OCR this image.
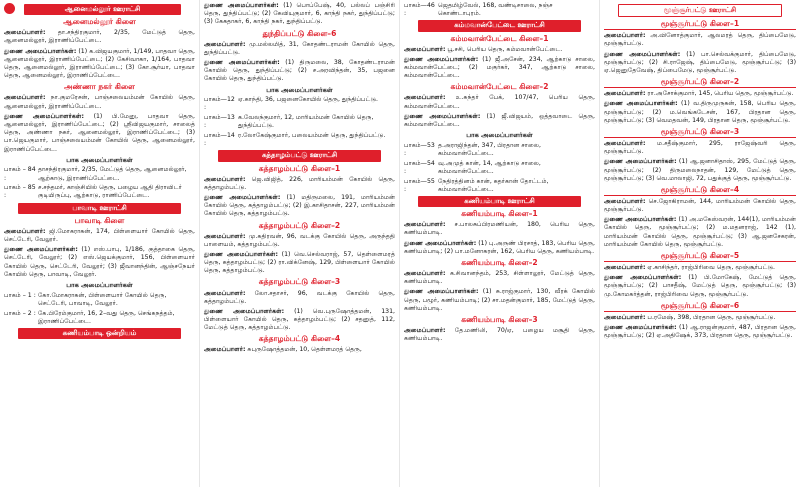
ஆனைமல்லூர் ஊராட்சி
ஆனைமல்லூர் கிளை
அமைப்பாளர்: தா.சந்திரகுமார், 2/35, மேட்டுத் தெரு, ஆனைமல்லூர், இராணிப்பேட்டை.
துணை அமைப்பாளர்கள்: (1) க.விஜயகுமார், 1/149, பாதவா தெரு, ஆனைமல்லூர், இராணிப்பேட்டை; (2) கேசிவாகா, 1/164, பாதவா தெரு, ஆனைமல்லூர், இராணிப்பேட்டை; (3) கோ.சூர்யா, பாதவா தெரு, ஆனைமல்லூர், இராணிப்பேட்டை.
அண்ணா நகர் கிளை
அமைப்பாளர்: நா.குமரேசன், பாஞ்சலையம்மன் கோயில் தெரு, ஆனைமல்லூர், இராணிப்பேட்டை.
துணை அமைப்பாளர்கள்: (1) பி.மேனு, பாதவா தெரு, ஆனைமல்லூர், இராணிப்பேட்டை; (2) ஸ்ரீவிஜயகுமார், சாலைத் தெரு, அண்ணா நகர், ஆனைமல்லூர், இராணிப்பேட்டை; (3) பா.ஜெயகுமார், பாஞ்சலையம்மன் கோயில் தெரு, ஆனைமல்லூர், இராணிப்பேட்டை.
பாக அமைப்பாளர்கள்
பாகம் – 84 :
தாசந்திரகுமார், 2/35, மேட்டுத் தெரு, ஆனைமல்லூர், ஆற்காடு, இராணிப்பேட்டை.
பாகம் – 85 :
ச.சந்தமர், காஞ்சியில் தெரு, பழைய ஆதி திராவிடர் குடியிருப்பு, ஆற்காடு, ராணிப்பேட்டை.
பாவாடி ஊராட்சி
பாவாடி கிளை
அமைப்பாளர்: ஜி.மோகராகன், 174, பிள்ளையார் கோயில் தெரு, செட்டேரி, வேலூர்.
துணை அமைப்பாளர்கள்: (1) எஸ்.பாபு, 1/186, குத்தாகை தெரு, செட்டேரி, வேலூர்; (2) எஸ்.ஜெயக்குமார், 156, பிள்ளையார் கோயில் தெரு, செட்டேரி, வேலூர்; (3) ஜீவானந்தின், ஆஞ்சநேயர் கோயில் தெரு, பாவாடி, வேலூர்.
பாக அமைப்பாளர்கள்
பாகம் – 1 : கோ.மோகராகன், பிள்ளையார் கோயில் தெரு, செட்டேரி, பாவாடி, வேலூர்.
பாகம் – 2 : கே.பிரேம்குமார், 16, 2–வது தெரு, செங்கநத்தம், இராணிப்பேட்டை.
கணியம்பாடி ஒன்றியம்
துணை அமைப்பாளர்கள்: (1) பொப்பேஷ், 40, பல்லப் பஞ்சிரி தெரு, துந்திப்பட்டு; (2) கேவியுகுமார், 6, காந்தி நகர், துந்திப்பட்டு; (3) கேகதாகர், 6, காந்தி நகர், துந்திப்பட்டு.
துந்திப்பட்டு கிளை–6
அமைப்பாளர்: மு.மல்லமித், 31, கோதண்டராமன் கோயில் தெரு, துந்திப்பட்டு.
துணை அமைப்பாளர்கள்: (1) திருமலை, 38, கோதண்டராமன் கோயில் தெரு, துந்திப்பட்டு; (2) ச.அரவிந்தன், 35, பஜனை கோயில் தெரு, துந்திப்பட்டு.
பாக அமைப்பாளர்கள்
பாகம்—12 :
ஏ.காந்தி, 36, பஜனைகோயில் தெரு, துந்திப்பட்டு.
பாகம்—13 :
க.வேலந்குமார், 12, மாரியம்மன் கோயில் தெரு, துந்திப்பட்டு.
பாகம்—14 :
ர.லோகேஷ்குமார், பலையம்மன் தெரு, துந்திப்பட்டு.
கத்தாழம்பட்டு ஊராட்சி
கத்தாழம்பட்டு கிளை–1
அமைப்பாளர்: ஜெ.விஜித், 226, மாரியம்மன் கோயில் தெரு, கத்தாழம்பட்டு.
துணை அமைப்பாளர்கள்: (1) மதிருமலை, 191, மாரியம்மன் கோயில் தெரு, கத்தாழம்பட்டு; (2) இ.காசிதாசன், 227, மாரியம்மன் கோயில் தெரு, கத்தாழம்பட்டு.
கத்தாழம்பட்டு கிளை–2
அமைப்பாளர்: மு.கதிரவன், 96, வடக்கு கோயில் தெரு, அருந்ததி பாளையம், கத்தாழம்பட்டு.
துணை அமைப்பாளர்கள்: (1) வெ.செல்வராஜ், 57, தெள்ளைமரத் தெரு, கத்தாழம்பட்டு; (2) ரா.விக்னேஷ், 129, பிள்ளையார் கோயில் தெரு, கத்தாழம்பட்டு.
கத்தாழம்பட்டு கிளை–3
அமைப்பாளர்: லோ.சதாசர், 96, வடக்கு கோயில் தெரு, கத்தாழம்பட்டு.
துணை அமைப்பாளர்கள்: (1) வெ.புருஷோத்தமன், 131, பிள்ளையார் கோயில் தெரு, கத்தாழம்பட்டு; (2) சதனுத், 112, மேட்டுத் தெரு, கத்தாழம்பட்டு.
கத்தாழம்பட்டு கிளை–4
அமைப்பாளர்: சுபுருஷோத்தமன், 10, தெள்ளமரத் தெரு,
பாகம்—46 :
ஜெதமிழ்வேல், 168, வண்டிசாலை, நஞ்ச கொண்டாபுரம்.
கம்மவான்பேட்டை ஊராட்சி
கம்மவான்பேட்டை கிளை–1
அமைப்பாளர்: பூ.சசி, பெரிய தெரு, கம்மவான்பேட்டை.
துணை அமைப்பாளர்கள்: (1) ஜீ.அசேன், 234, ஆற்காடு சாலை, கம்மவான்பேட்டை; (2) மகுர்கர், 347, ஆற்காடு சாலை, கம்மவான்பேட்டை.
கம்மவான்பேட்டை கிளை–2
அமைப்பாளர்: உ.சுந்தர் பேக், 107/47, பெரிய தெரு, கம்மவான்பேட்டை.
துணை அமைப்பாளர்கள்: (1) ஜீ.விஜயம், ஒத்தவாடை தெரு, கம்மவான்பேட்டை.
பாக அமைப்பாளர்கள்
பாகம்—53 :
த.அராஜிந்தன், 347, பிரதான சாலை, கம்மவான்பேட்டை.
பாகம்—54 :
வு.அமுத் கான், 14, ஆற்காடு சாலை, கம்மவான்பேட்டை.
பாகம்—55 :
நேதிரத்தினம் கான், கதர்கான் தோட்டம், கம்மவான்பேட்டை.
கணியம்பாடி ஊராட்சி
கணியம்பாடி கிளை–1
அமைப்பாளர்: ச.பாலசுப்பிரமணியன், 180, பெரிய தெரு, கணியம்பாடி.
துணை அமைப்பாளர்கள்: (1) பு.அருண் பிரசாத், 183, பெரிய தெரு, கணியம்பாடி; (2) பா.மனோகரன், 162, பெரிய தெரு, கணியம்பாடி.
கணியம்பாடி கிளை–2
அமைப்பாளர்: க.சிவானந்தம், 253, சிள்ளாலூர், மேட்டுத் தெரு, கணியம்பாடி.
துணை அமைப்பாளர்கள்: (1) சு.ராஜ்குமார், 130, வீரக் கோயில் தெரு, பழூர், கணியம்பாடி; (2) சா.மதன்குமார், 185, மேட்டுத் தெரு, கணியம்பாடி.
கணியம்பாடி கிளை–3
அமைப்பாளர்: தே.மணிலி, 70/ஏ, பழைய மசூதி தெரு, கணியம்பாடி.
மூஞ்சூர்பட்டு ஊராட்சி
மூஞ்சூர்பட்டு கிளை–1
அமைப்பாளர்: அ.வினோத்குமார், ஆலமரத் தெரு, திப்பைமேடு, மூஞ்சூர்பட்டு.
துணை அமைப்பாளர்கள்: (1) பா.செல்வக்குமார், திப்பைமேடு, மூஞ்சூர்பட்டு; (2) சி.ராஜேஷ், திப்பைமேடு, மூஞ்சூர்பட்டு; (3) ஏ.ஜெனுதேவேஷ், திப்பைமேடு, மூஞ்சூர்பட்டு.
மூஞ்சூர்பட்டு கிளை–2
அமைப்பாளர்: ரா.அசோக்குமார், 145, பெரிய தெரு, மூஞ்சூர்பட்டு.
துணை அமைப்பாளர்கள்: (1) வ.திருமுருகன், 158, பெரிய தெரு, மூஞ்சூர்பட்டு; (2) ம.வெங்கடேசன், 167, பிரதான தெரு, மூஞ்சூர்பட்டு; (3) வெமதவன், 149, பிரதான தெரு, மூஞ்சூர்பட்டு.
மூஞ்சூர்பட்டு கிளை–3
அமைப்பாளர்: ம.சதீஷ்குமார், 295, ராஜேஷ்வரி தெரு, மூஞ்சூர்பட்டு.
துணை அமைப்பாளர்கள்: (1) ஆ.ஜனாசிதாஸ், 295, மேட்டுத் தெரு, மூஞ்சூர்பட்டு; (2) திருமலைநாதன், 129, மேட்டுத் தெரு, மூஞ்சூர்பட்டு; (3) வெ.மாலாஜி, 72, பதுக்குத் தெரு, மூஞ்சூர்பட்டு.
மூஞ்சூர்பட்டு கிளை–4
அமைப்பாளர்: செ.ஜோகிராமன், 144, மாரியம்மன் கோயில் தெரு, மூஞ்சூர்பட்டு.
துணை அமைப்பாளர்கள்: (1) அ.மகேஸ்வரன், 144(1), மாரியம்மன் கோயில் தெரு, மூஞ்சூர்பட்டு; (2) ம.மதனராஜ், 142 (1), மாரியம்மன் கோயில் தெரு, மூஞ்சூர்பட்டு; (3) ஆ.ஜனசேகரன், மாரியம்மன் கோயில் தெரு, மூஞ்சூர்பட்டு.
மூஞ்சூர்பட்டு கிளை–5
அமைப்பாளர்: ஏ.காசிந்தர், ராஜ்பிரிவை தெரு, மூஞ்சூர்பட்டு.
துணை அமைப்பாளர்கள்: (1) பி.மோகேஷ், மேட்டுத் தெரு, மூஞ்சூர்பட்டு; (2) பாசதீஷ், மேட்டுத் தெரு, மூஞ்சூர்பட்டு; (3) மு.கோமகர்த்தன், ராஜ்பிரிவை தெரு, மூஞ்சூர்பட்டு.
மூஞ்சூர்பட்டு கிளை–6
அமைப்பாளர்: ப.ரமேஷ், 398, பிரதான தெரு, மூஞ்சூர்பட்டு.
துணை அமைப்பாளர்கள்: (1) ஆ.ராஜன்குமார், 487, பிரதான தெரு, மூஞ்சூர்பட்டு; (2) ஏ.அதிஷேக், 373, பிரதான தெரு, மூஞ்சூர்பட்டு.
